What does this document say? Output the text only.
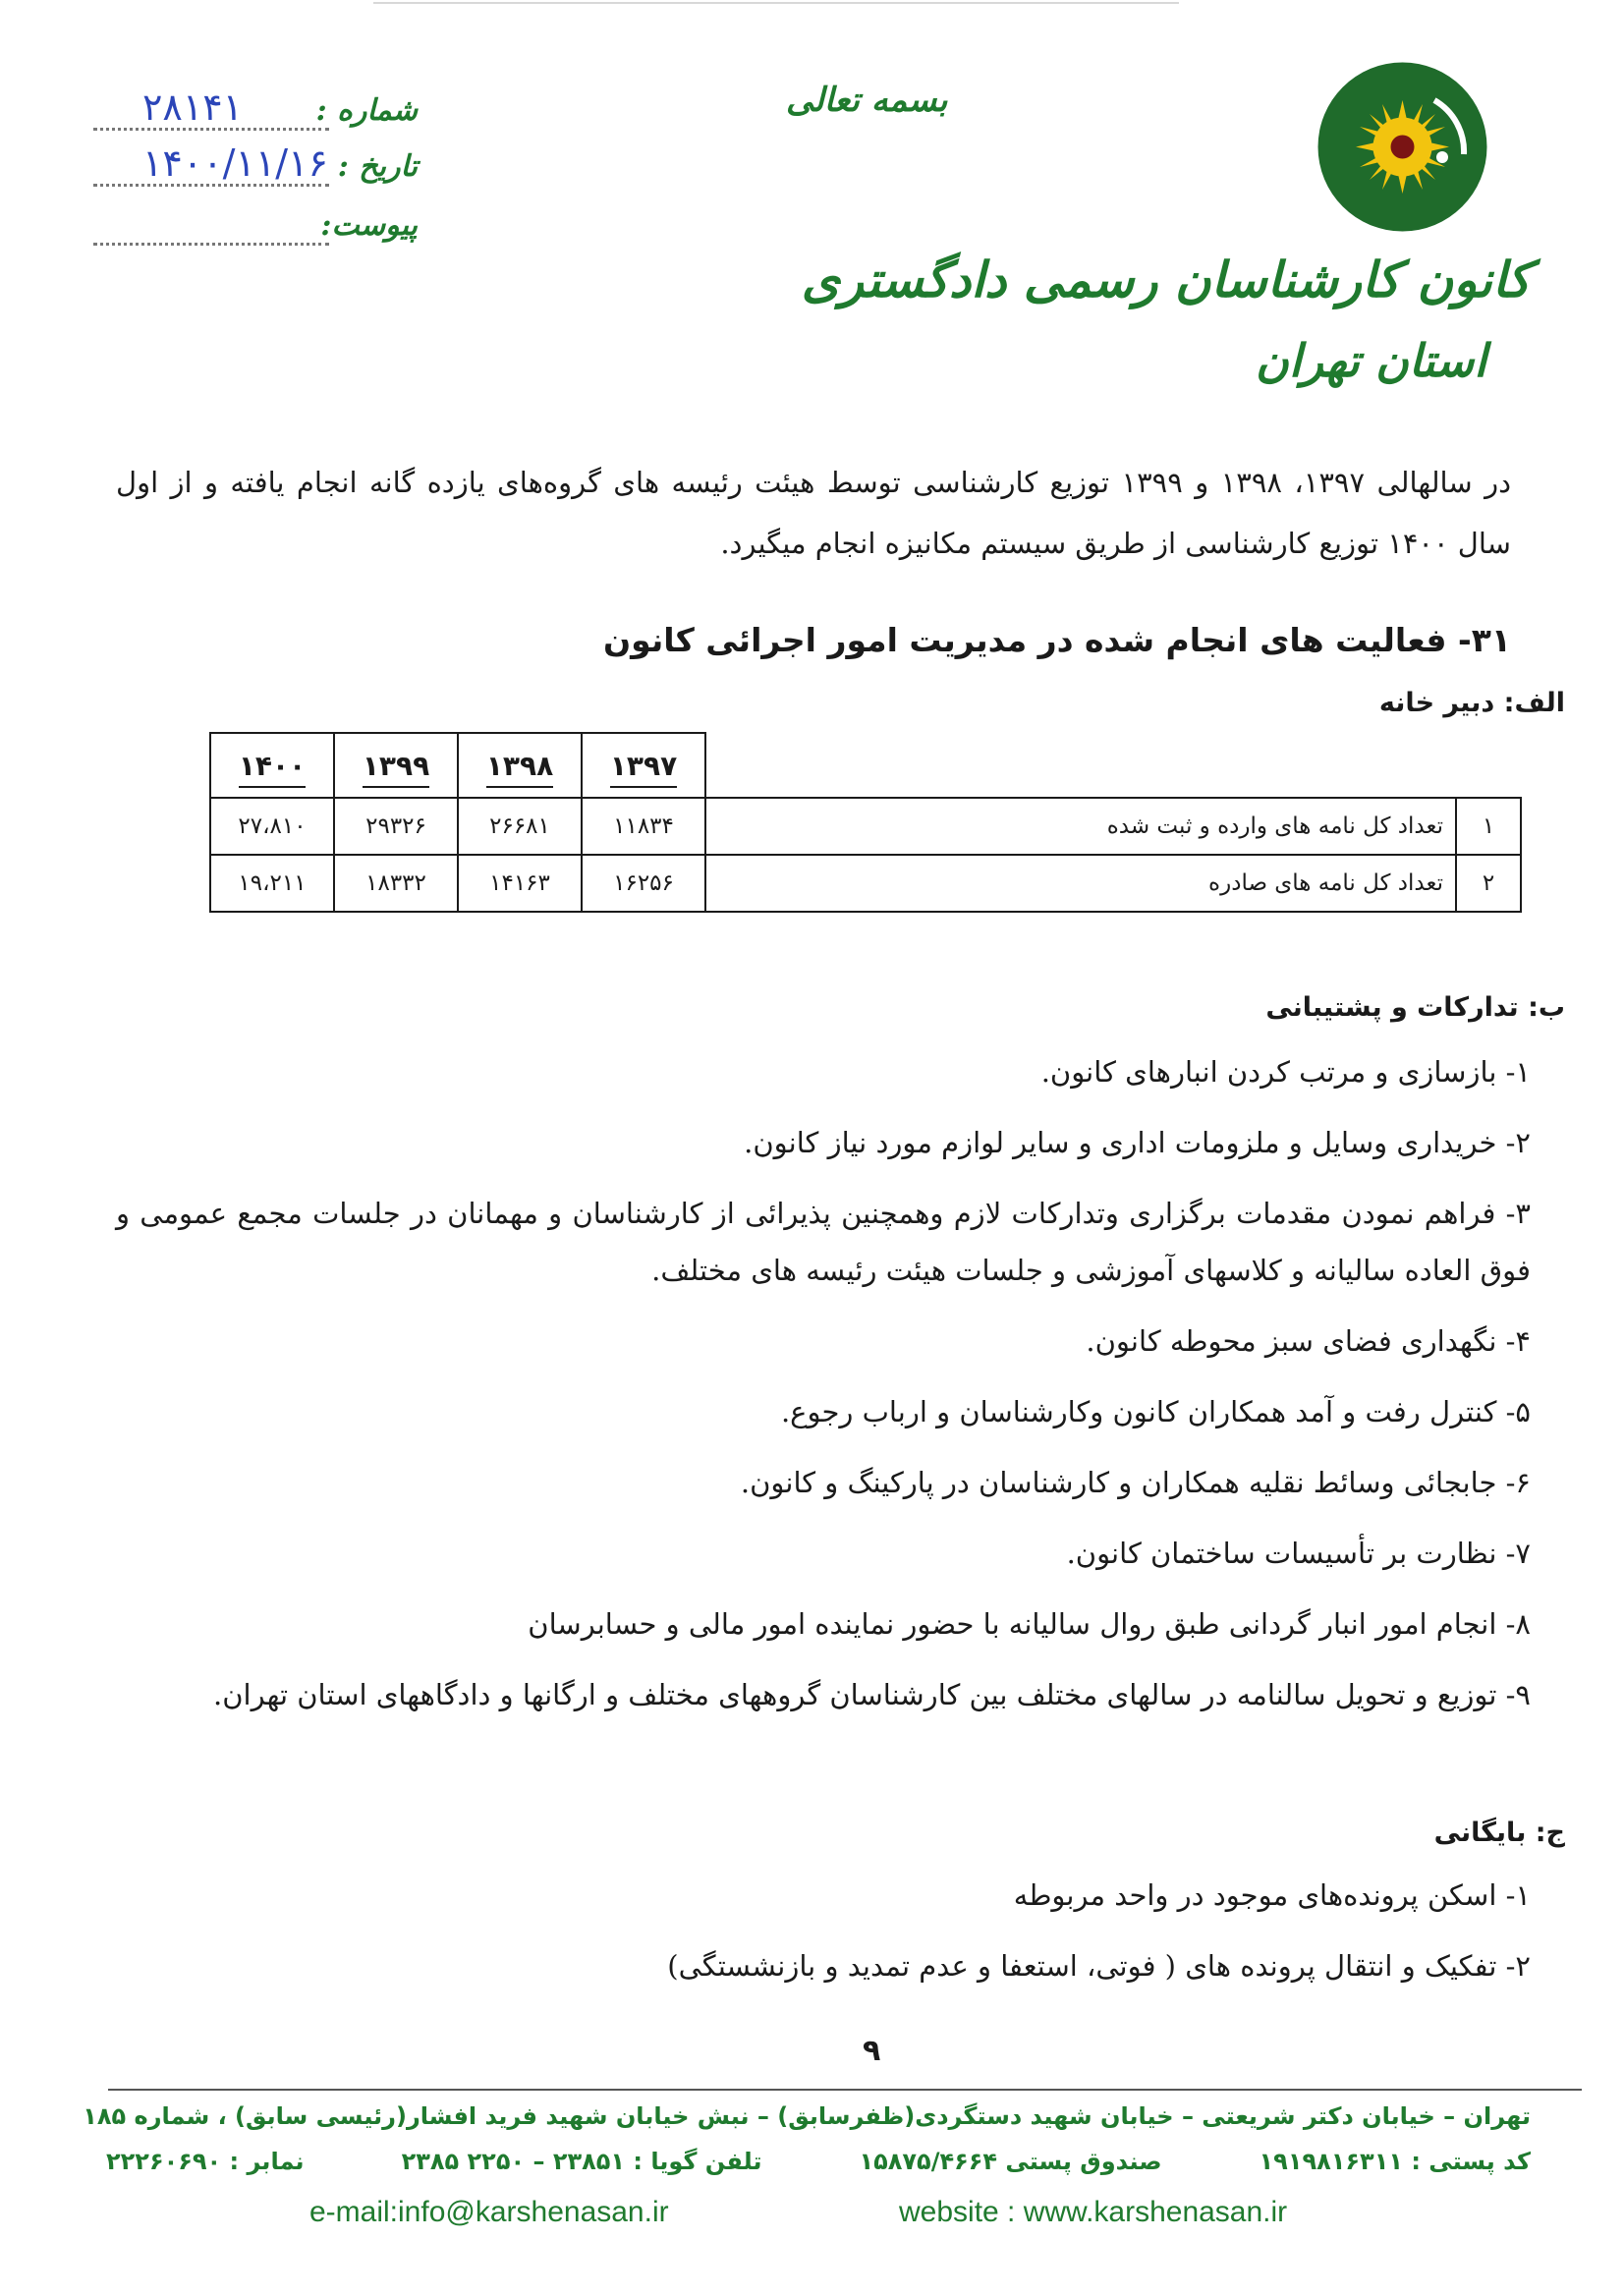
کانون کارشناسان رسمی دادگستری
استان تهران
بسمه تعالی
شماره :
۲۸۱۴۱
تاریخ :
۱۴۰۰/۱۱/۱۶
پیوست:
در سالهالی ۱۳۹۷، ۱۳۹۸ و ۱۳۹۹ توزیع کارشناسی توسط هیئت رئیسه های گروه‌های یازده گانه انجام یافته و از اول سال ۱۴۰۰ توزیع کارشناسی از طریق سیستم مکانیزه انجام میگیرد.
۳۱- فعالیت های انجام شده در مدیریت امور اجرائی کانون
الف: دبیر خانه
		۱۳۹۷	۱۳۹۸	۱۳۹۹	۱۴۰۰
۱	تعداد کل نامه های وارده و ثبت شده	۱۱۸۳۴	۲۶۶۸۱	۲۹۳۲۶	۲۷،۸۱۰
۲	تعداد کل نامه های صادره	۱۶۲۵۶	۱۴۱۶۳	۱۸۳۳۲	۱۹،۲۱۱
ب: تدارکات و پشتیبانی
۱- بازسازی و مرتب کردن انبارهای کانون.
۲- خریداری وسایل و ملزومات اداری و سایر لوازم مورد نیاز کانون.
۳- فراهم نمودن مقدمات برگزاری وتدارکات لازم وهمچنین پذیرائی از کارشناسان و مهمانان در جلسات مجمع عمومی و فوق العاده سالیانه و کلاسهای آموزشی و جلسات هیئت رئیسه های مختلف.
۴- نگهداری فضای سبز محوطه کانون.
۵- کنترل رفت و آمد همکاران کانون وکارشناسان و ارباب رجوع.
۶- جابجائی وسائط نقلیه همکاران و کارشناسان در پارکینگ و کانون.
۷- نظارت بر تأسیسات ساختمان کانون.
۸- انجام امور انبار گردانی طبق روال سالیانه با حضور نماینده امور مالی و حسابرسان
۹- توزیع و تحویل سالنامه در سالهای مختلف بین کارشناسان گروههای مختلف و ارگانها و دادگاههای استان تهران.
ج: بایگانی
۱- اسکن پرونده‌های موجود در واحد مربوطه
۲- تفکیک و انتقال پرونده های ( فوتی، استعفا و عدم تمدید و بازنشستگی)
۹
تهران – خیابان دکتر شریعتی – خیابان شهید دستگردی(ظفرسابق) – نبش خیابان شهید فرید افشار(رئیسی سابق) ، شماره ۱۸۵
کد پستی : ۱۹۱۹۸۱۶۳۱۱
صندوق پستی ۱۵۸۷۵/۴۶۶۴
تلفن گویا : ۲۳۸۵۱ – ۲۲۵۰ ۲۳۸۵
نمابر : ۲۲۲۶۰۶۹۰
e-mail:info@karshenasan.ir	website : www.karshenasan.ir
